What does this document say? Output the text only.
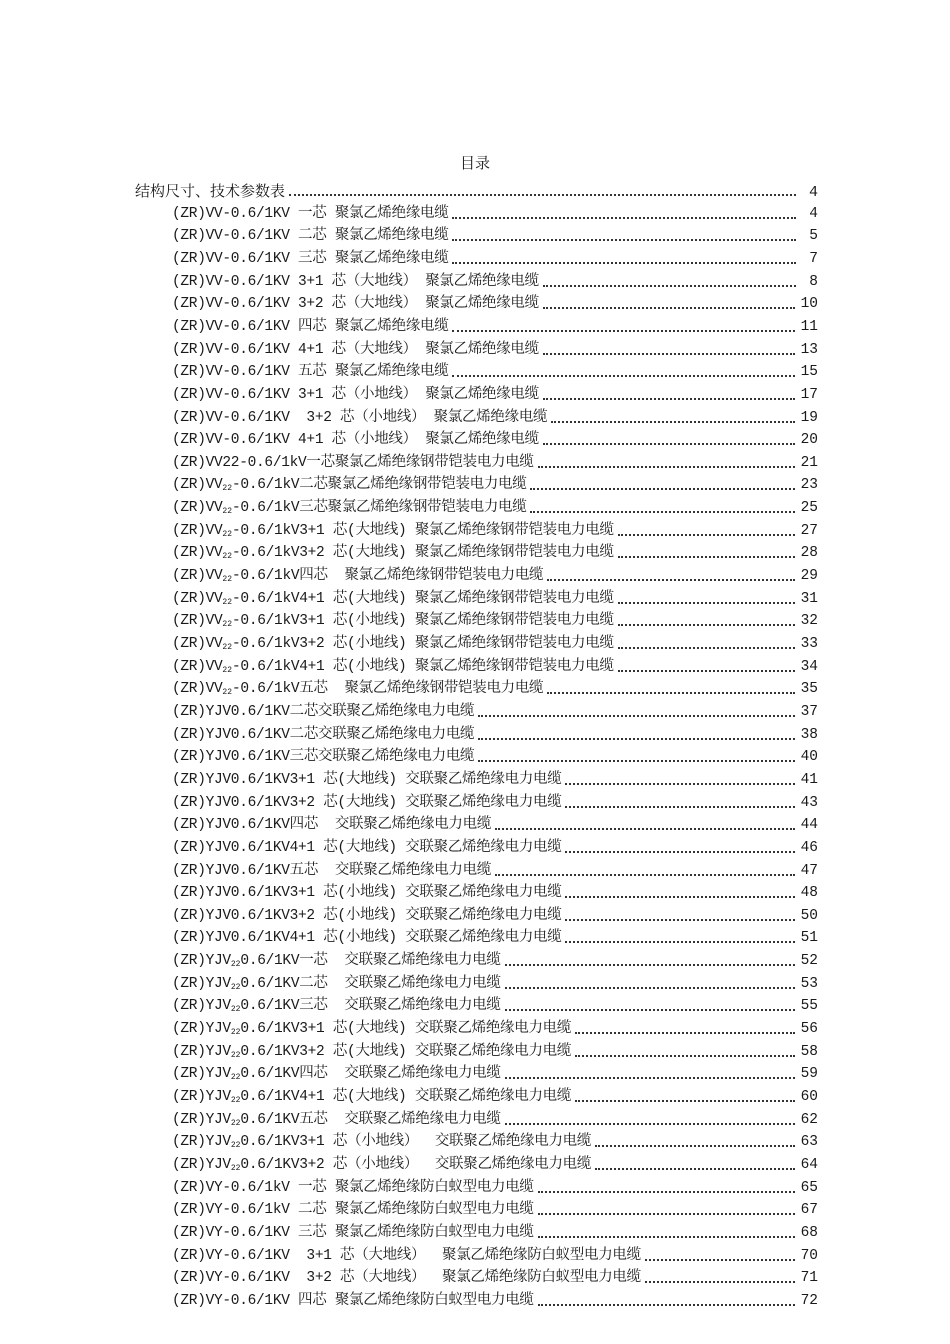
目录
结构尺寸、技术参数表	4
(ZR)VV-0.6/1KV 一芯 聚氯乙烯绝缘电缆	4
(ZR)VV-0.6/1KV 二芯 聚氯乙烯绝缘电缆	5
(ZR)VV-0.6/1KV 三芯 聚氯乙烯绝缘电缆	7
(ZR)VV-0.6/1KV 3+1 芯（大地线） 聚氯乙烯绝缘电缆	8
(ZR)VV-0.6/1KV 3+2 芯（大地线） 聚氯乙烯绝缘电缆	10
(ZR)VV-0.6/1KV 四芯 聚氯乙烯绝缘电缆	11
(ZR)VV-0.6/1KV 4+1 芯（大地线） 聚氯乙烯绝缘电缆	13
(ZR)VV-0.6/1KV 五芯 聚氯乙烯绝缘电缆	15
(ZR)VV-0.6/1KV 3+1 芯（小地线） 聚氯乙烯绝缘电缆	17
(ZR)VV-0.6/1KV  3+2 芯（小地线） 聚氯乙烯绝缘电缆	19
(ZR)VV-0.6/1KV 4+1 芯（小地线） 聚氯乙烯绝缘电缆	20
(ZR)VV22-0.6/1kV一芯聚氯乙烯绝缘钢带铠装电力电缆	21
$(ZR)VV_{22}-0.6/1kV$二芯聚氯乙烯绝缘钢带铠装电力电缆	23
$(ZR)VV_{22}-0.6/1kV$三芯聚氯乙烯绝缘钢带铠装电力电缆	25
$(ZR)VV_{22}-0.6/1kV3+1$ 芯(大地线) 聚氯乙烯绝缘钢带铠装电力电缆	27
$(ZR)VV_{22}-0.6/1kV3+2$ 芯(大地线) 聚氯乙烯绝缘钢带铠装电力电缆	28
$(ZR)VV_{22}-0.6/1kV$四芯  聚氯乙烯绝缘钢带铠装电力电缆	29
$(ZR)VV_{22}-0.6/1kV4+1$ 芯(大地线) 聚氯乙烯绝缘钢带铠装电力电缆	31
$(ZR)VV_{22}-0.6/1kV3+1$ 芯(小地线) 聚氯乙烯绝缘钢带铠装电力电缆	32
$(ZR)VV_{22}-0.6/1kV3+2$ 芯(小地线) 聚氯乙烯绝缘钢带铠装电力电缆	33
$(ZR)VV_{22}-0.6/1kV4+1$ 芯(小地线) 聚氯乙烯绝缘钢带铠装电力电缆	34
$(ZR)VV_{22}-0.6/1kV$五芯  聚氯乙烯绝缘钢带铠装电力电缆	35
(ZR)YJV0.6/1KV二芯交联聚乙烯绝缘电力电缆	37
(ZR)YJV0.6/1KV二芯交联聚乙烯绝缘电力电缆	38
(ZR)YJV0.6/1KV三芯交联聚乙烯绝缘电力电缆	40
(ZR)YJV0.6/1KV3+1 芯(大地线) 交联聚乙烯绝缘电力电缆	41
(ZR)YJV0.6/1KV3+2 芯(大地线) 交联聚乙烯绝缘电力电缆	43
(ZR)YJV0.6/1KV四芯  交联聚乙烯绝缘电力电缆	44
(ZR)YJV0.6/1KV4+1 芯(大地线) 交联聚乙烯绝缘电力电缆	46
(ZR)YJV0.6/1KV五芯  交联聚乙烯绝缘电力电缆	47
(ZR)YJV0.6/1KV3+1 芯(小地线) 交联聚乙烯绝缘电力电缆	48
(ZR)YJV0.6/1KV3+2 芯(小地线) 交联聚乙烯绝缘电力电缆	50
(ZR)YJV0.6/1KV4+1 芯(小地线) 交联聚乙烯绝缘电力电缆	51
$(ZR)YJV_{22}0.6/1KV$一芯  交联聚乙烯绝缘电力电缆	52
$(ZR)YJV_{22}0.6/1KV$二芯  交联聚乙烯绝缘电力电缆	53
$(ZR)YJV_{22}0.6/1KV$三芯  交联聚乙烯绝缘电力电缆	55
$(ZR)YJV_{22}0.6/1KV3+1$ 芯(大地线) 交联聚乙烯绝缘电力电缆	56
$(ZR)YJV_{22}0.6/1KV3+2$ 芯(大地线) 交联聚乙烯绝缘电力电缆	58
$(ZR)YJV_{22}0.6/1KV$四芯  交联聚乙烯绝缘电力电缆	59
$(ZR)YJV_{22}0.6/1KV4+1$ 芯(大地线) 交联聚乙烯绝缘电力电缆	60
$(ZR)YJV_{22}0.6/1KV$五芯  交联聚乙烯绝缘电力电缆	62
$(ZR)YJV_{22}0.6/1KV3+1$ 芯（小地线）  交联聚乙烯绝缘电力电缆	63
$(ZR)YJV_{22}0.6/1KV3+2$ 芯（小地线）  交联聚乙烯绝缘电力电缆	64
(ZR)VY-0.6/1kV 一芯 聚氯乙烯绝缘防白蚁型电力电缆	65
(ZR)VY-0.6/1kV 二芯 聚氯乙烯绝缘防白蚁型电力电缆	67
(ZR)VY-0.6/1KV 三芯 聚氯乙烯绝缘防白蚁型电力电缆	68
(ZR)VY-0.6/1KV  3+1 芯（大地线）  聚氯乙烯绝缘防白蚁型电力电缆	70
(ZR)VY-0.6/1KV  3+2 芯（大地线）  聚氯乙烯绝缘防白蚁型电力电缆	71
(ZR)VY-0.6/1KV 四芯 聚氯乙烯绝缘防白蚁型电力电缆	72
